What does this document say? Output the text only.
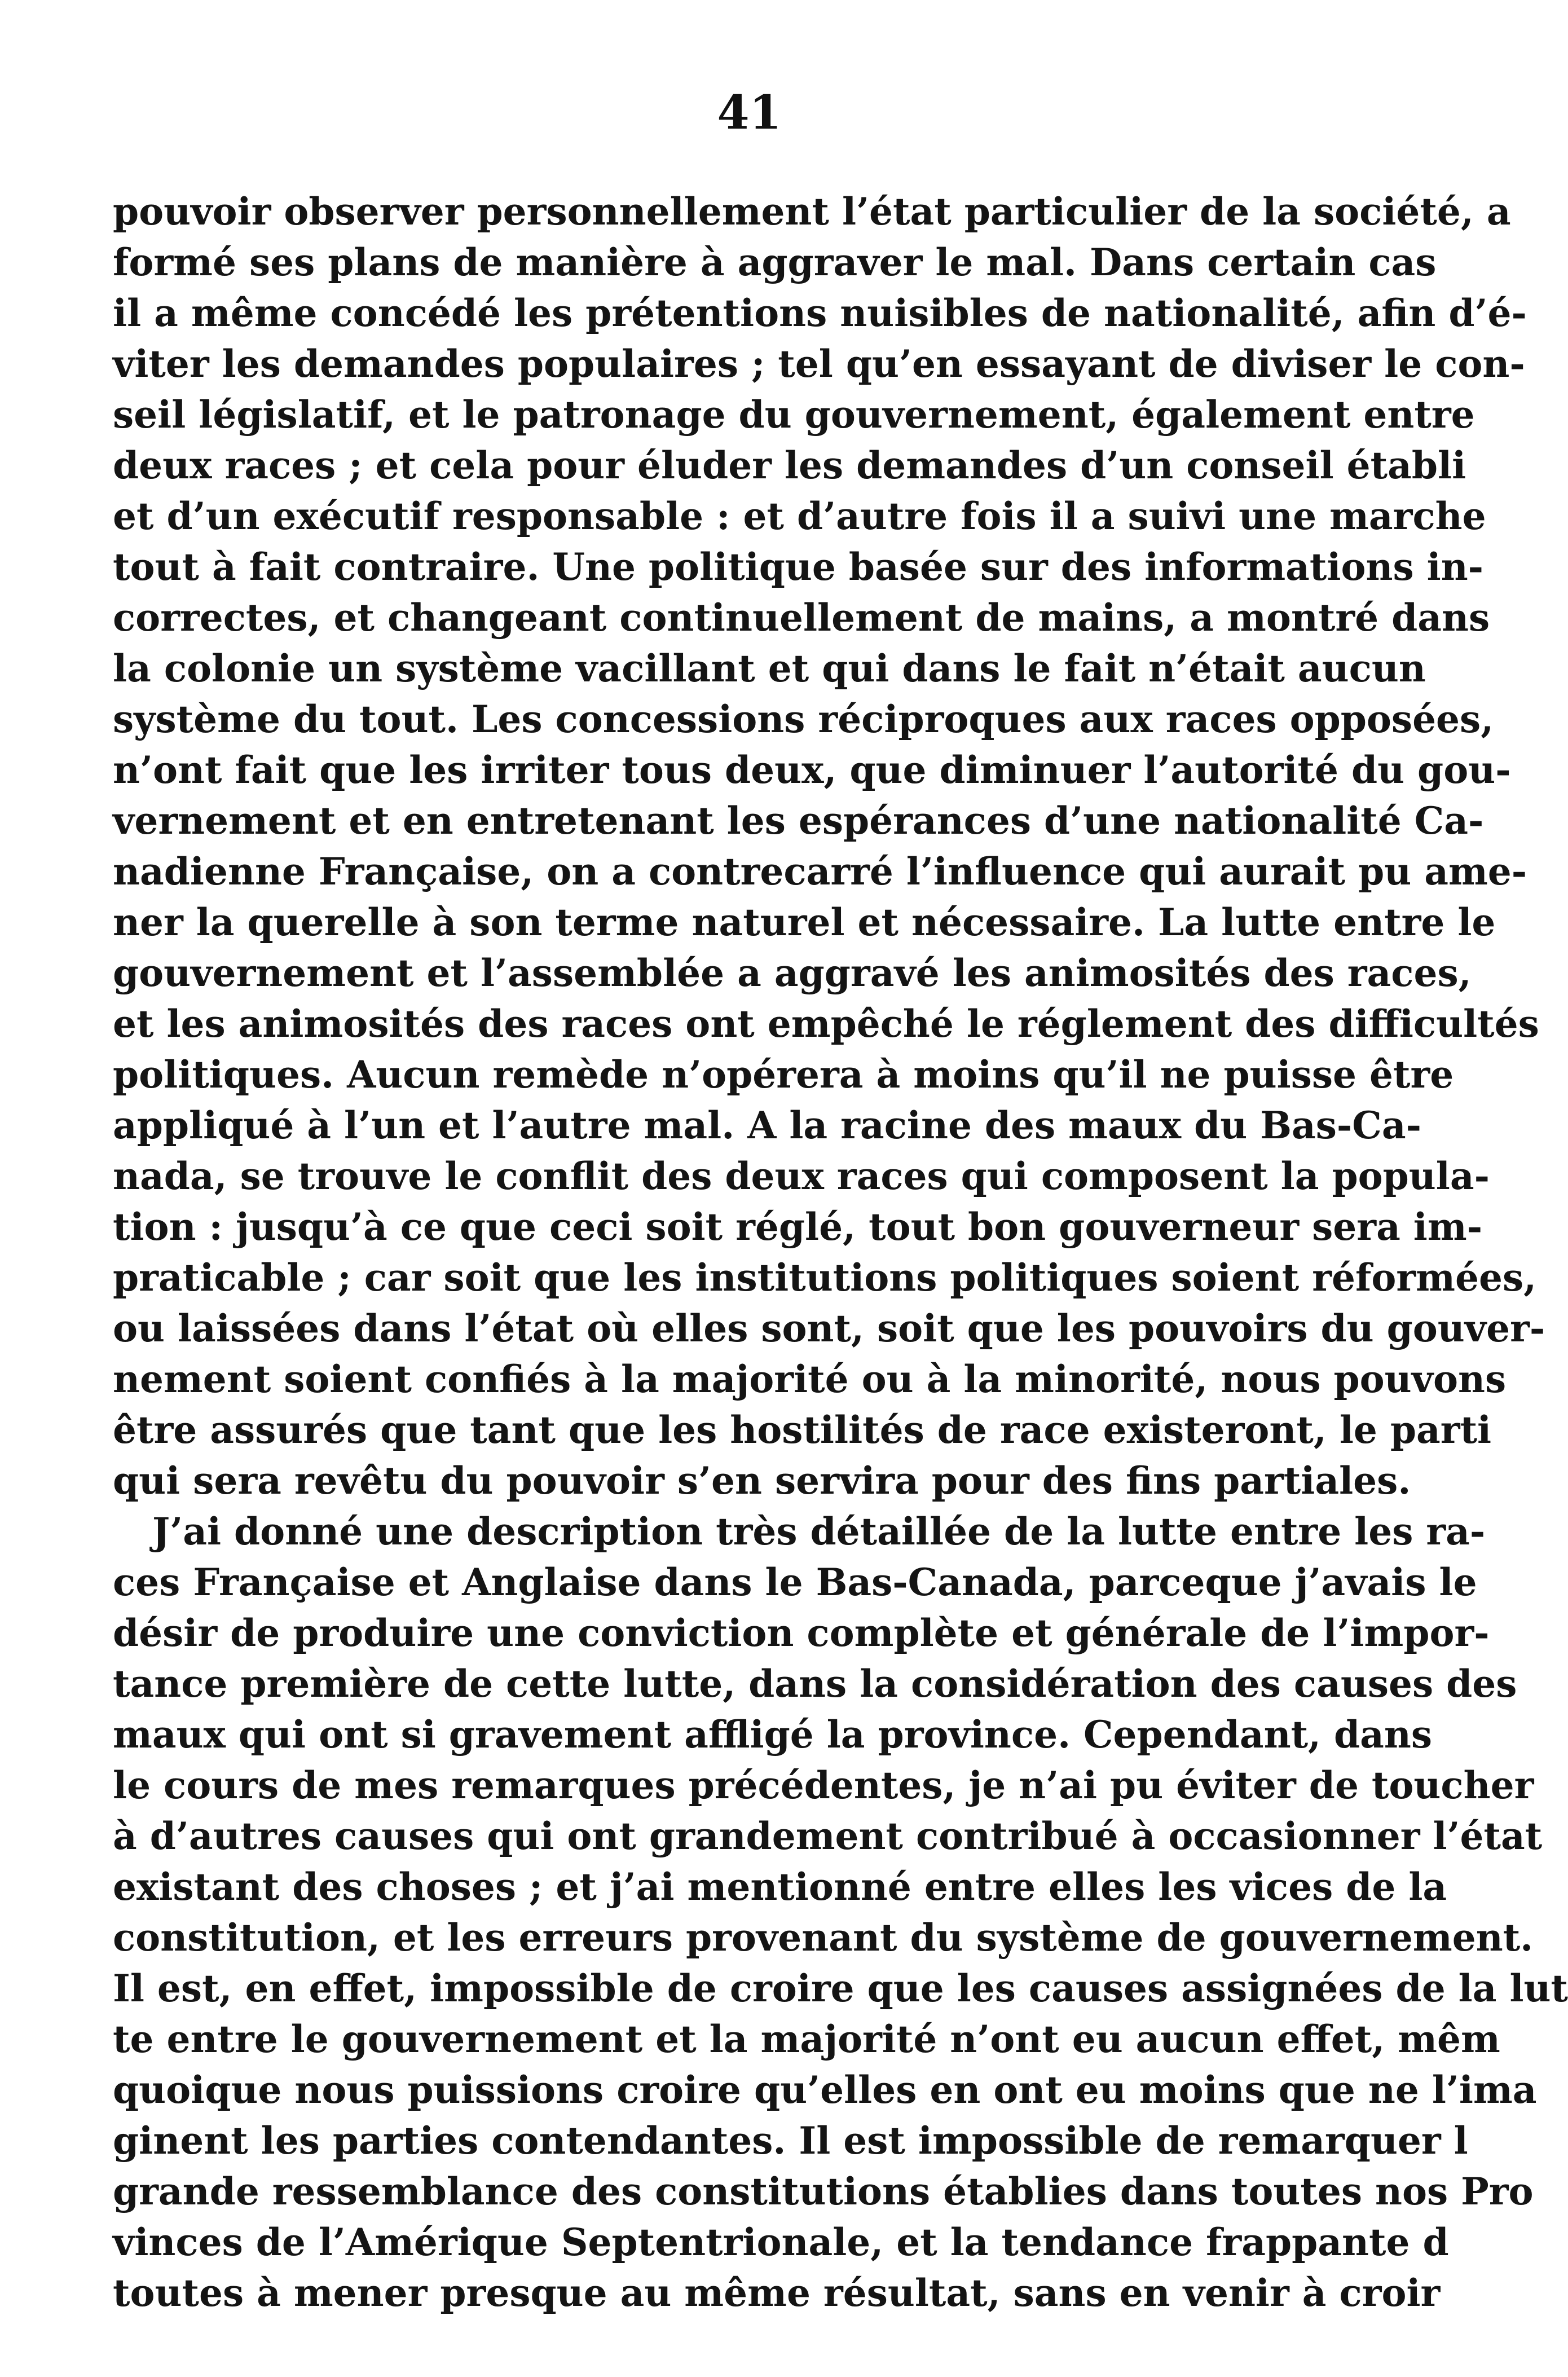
41
pouvoir observer personnellement l’état particulier de la société, a
formé ses plans de manière à aggraver le mal. Dans certain cas
il a même concédé les prétentions nuisibles de nationalité, afin d’é-
viter les demandes populaires ; tel qu’en essayant de diviser le con-
seil législatif, et le patronage du gouvernement, également entre
deux races ; et cela pour éluder les demandes d’un conseil établi
et d’un exécutif responsable : et d’autre fois il a suivi une marche
tout à fait contraire. Une politique basée sur des informations in-
correctes, et changeant continuellement de mains, a montré dans
la colonie un système vacillant et qui dans le fait n’était aucun
système du tout. Les concessions réciproques aux races opposées,
n’ont fait que les irriter tous deux, que diminuer l’autorité du gou-
vernement et en entretenant les espérances d’une nationalité Ca-
nadienne Française, on a contrecarré l’influence qui aurait pu ame-
ner la querelle à son terme naturel et nécessaire. La lutte entre le
gouvernement et l’assemblée a aggravé les animosités des races,
et les animosités des races ont empêché le réglement des difficultés
politiques. Aucun remède n’opérera à moins qu’il ne puisse être
appliqué à l’un et l’autre mal. A la racine des maux du Bas-Ca-
nada, se trouve le conflit des deux races qui composent la popula-
tion : jusqu’à ce que ceci soit réglé, tout bon gouverneur sera im-
praticable ; car soit que les institutions politiques soient réformées,
ou laissées dans l’état où elles sont, soit que les pouvoirs du gouver-
nement soient confiés à la majorité ou à la minorité, nous pouvons
être assurés que tant que les hostilités de race existeront, le parti
qui sera revêtu du pouvoir s’en servira pour des fins partiales.
J’ai donné une description très détaillée de la lutte entre les ra-
ces Française et Anglaise dans le Bas-Canada, parceque j’avais le
désir de produire une conviction complète et générale de l’impor-
tance première de cette lutte, dans la considération des causes des
maux qui ont si gravement affligé la province. Cependant, dans
le cours de mes remarques précédentes, je n’ai pu éviter de toucher
à d’autres causes qui ont grandement contribué à occasionner l’état
existant des choses ; et j’ai mentionné entre elles les vices de la
constitution, et les erreurs provenant du système de gouvernement.
Il est, en effet, impossible de croire que les causes assignées de la lut
te entre le gouvernement et la majorité n’ont eu aucun effet, mêm
quoique nous puissions croire qu’elles en ont eu moins que ne l’ima
ginent les parties contendantes. Il est impossible de remarquer l
grande ressemblance des constitutions établies dans toutes nos Pro
vinces de l’Amérique Septentrionale, et la tendance frappante d
toutes à mener presque au même résultat, sans en venir à croir
